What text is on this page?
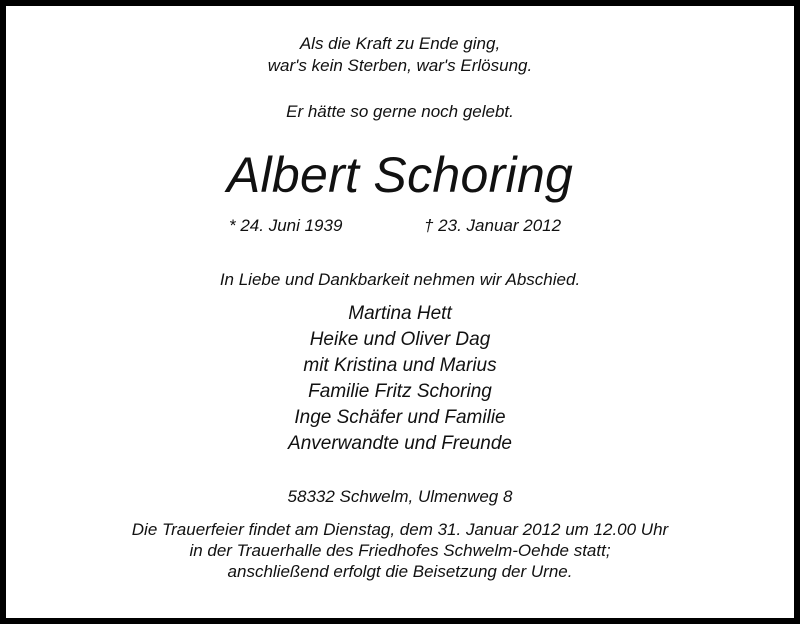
Als die Kraft zu Ende ging,
war's kein Sterben, war's Erlösung.
Er hätte so gerne noch gelebt.
Albert Schoring
* 24. Juni 1939	† 23. Januar 2012
In Liebe und Dankbarkeit nehmen wir Abschied.
Martina Hett
Heike und Oliver Dag
mit Kristina und Marius
Familie Fritz Schoring
Inge Schäfer und Familie
Anverwandte und Freunde
58332 Schwelm, Ulmenweg 8
Die Trauerfeier findet am Dienstag, dem 31. Januar 2012 um 12.00 Uhr
in der Trauerhalle des Friedhofes Schwelm-Oehde statt;
anschließend erfolgt die Beisetzung der Urne.
